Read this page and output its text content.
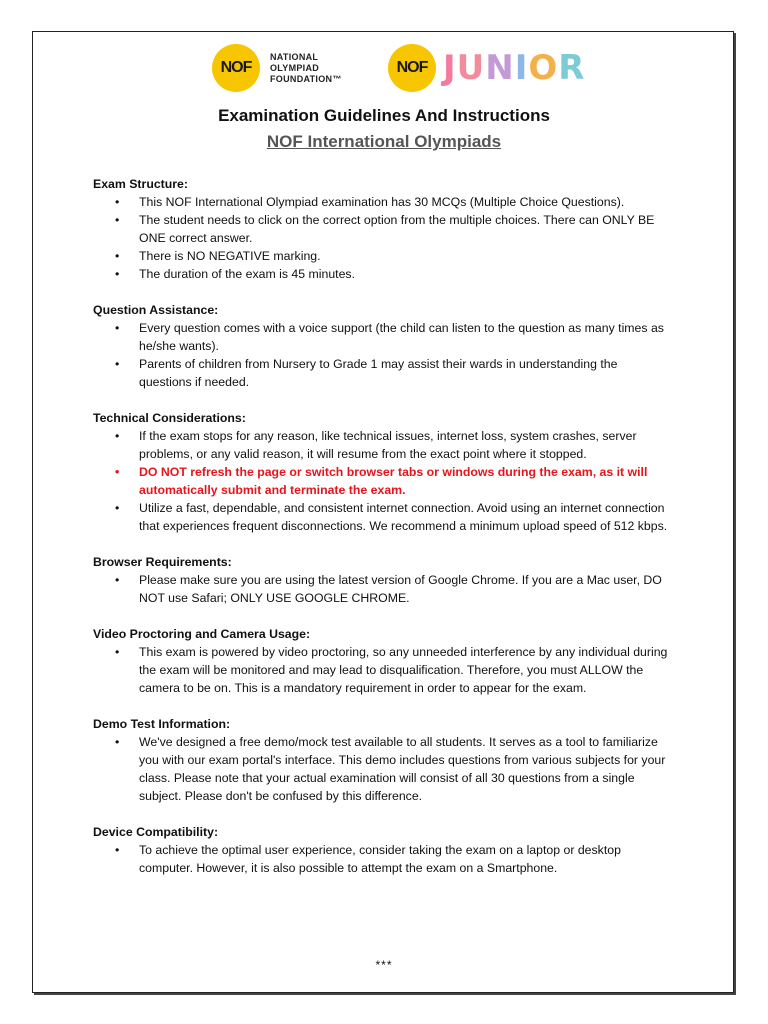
NOF
NATIONAL
OLYMPIAD
FOUNDATION™
NOF JUNIOR
Examination Guidelines And Instructions
NOF International Olympiads

Exam Structure:

• This NOF International Olympiad examination has 30 MCQs (Multiple Choice Questions).
• The student needs to click on the correct option from the multiple choices. There can ONLY BE ONE correct answer.
• There is NO NEGATIVE marking.
• The duration of the exam is 45 minutes.

Question Assistance:

• Every question comes with a voice support (the child can listen to the question as many times as he/she wants).
• Parents of children from Nursery to Grade 1 may assist their wards in understanding the questions if needed.

Technical Considerations:

• If the exam stops for any reason, like technical issues, internet loss, system crashes, server problems, or any valid reason, it will resume from the exact point where it stopped.
• DO NOT refresh the page or switch browser tabs or windows during the exam, as it will automatically submit and terminate the exam.
• Utilize a fast, dependable, and consistent internet connection. Avoid using an internet connection that experiences frequent disconnections. We recommend a minimum upload speed of 512 kbps.

Browser Requirements:

• Please make sure you are using the latest version of Google Chrome. If you are a Mac user, DO NOT use Safari; ONLY USE GOOGLE CHROME.

Video Proctoring and Camera Usage:

• This exam is powered by video proctoring, so any unneeded interference by any individual during the exam will be monitored and may lead to disqualification. Therefore, you must ALLOW the camera to be on. This is a mandatory requirement in order to appear for the exam.

Demo Test Information:

• We've designed a free demo/mock test available to all students. It serves as a tool to familiarize you with our exam portal's interface. This demo includes questions from various subjects for your class. Please note that your actual examination will consist of all 30 questions from a single subject. Please don't be confused by this difference.

Device Compatibility:

• To achieve the optimal user experience, consider taking the exam on a laptop or desktop computer. However, it is also possible to attempt the exam on a Smartphone.
***
